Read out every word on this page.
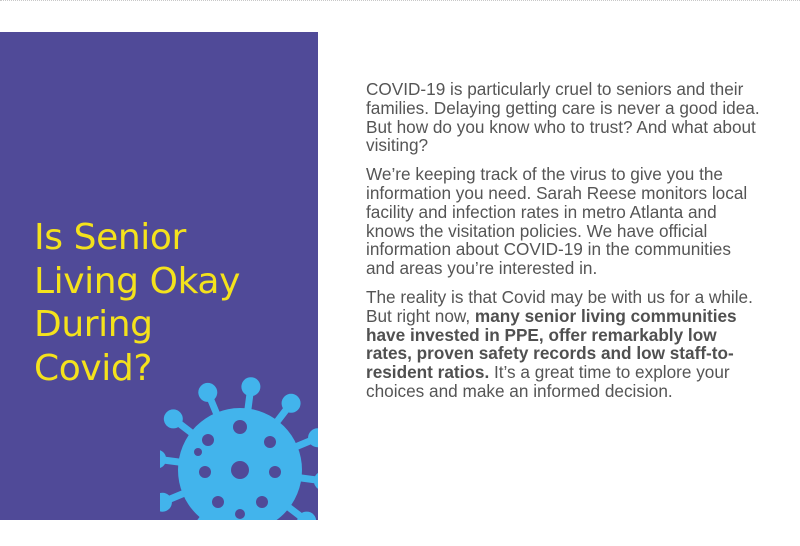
Is Senior
Living Okay
During
Covid?

COVID-19 is particularly cruel to seniors and their families. Delaying getting care is never a good idea. But how do you know who to trust? And what about visiting?

We’re keeping track of the virus to give you the information you need. Sarah Reese monitors local facility and infection rates in metro Atlanta and knows the visitation policies. We have official information about COVID-19 in the communities and areas you’re interested in.

The reality is that Covid may be with us for a while. But right now, many senior living communities have invested in PPE, offer remarkably low rates, proven safety records and low staff-to-resident ratios. It’s a great time to explore your choices and make an informed decision.
